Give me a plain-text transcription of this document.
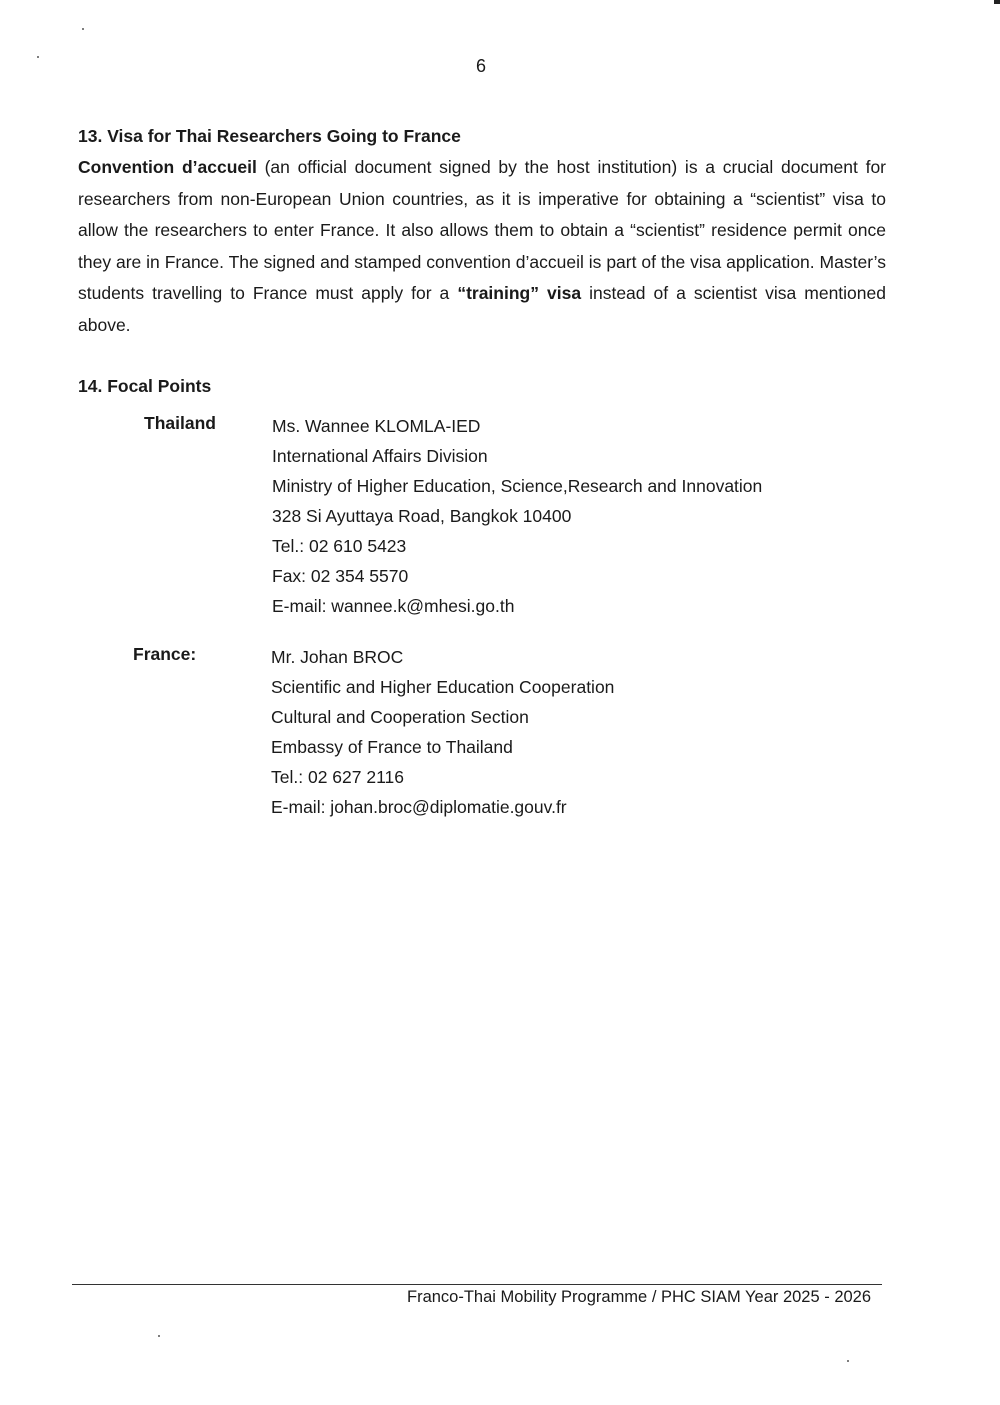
6
13. Visa for Thai Researchers Going to France

Convention d’accueil (an official document signed by the host institution) is a crucial document for researchers from non-European Union countries, as it is imperative for obtaining a “scientist” visa to allow the researchers to enter France. It also allows them to obtain a “scientist” residence permit once they are in France. The signed and stamped convention d’accueil is part of the visa application. Master’s students travelling to France must apply for a “training” visa instead of a scientist visa mentioned above.

14. Focal Points
Thailand	Ms. Wannee KLOMLA-IED
International Affairs Division
Ministry of Higher Education, Science,Research and Innovation
328 Si Ayuttaya Road, Bangkok 10400
Tel.: 02 610 5423
Fax: 02 354 5570
E-mail: wannee.k@mhesi.go.th
France:	Mr. Johan BROC
Scientific and Higher Education Cooperation
Cultural and Cooperation Section
Embassy of France to Thailand
Tel.: 02 627 2116
E-mail: johan.broc@diplomatie.gouv.fr
Franco-Thai Mobility Programme / PHC SIAM Year 2025 - 2026
